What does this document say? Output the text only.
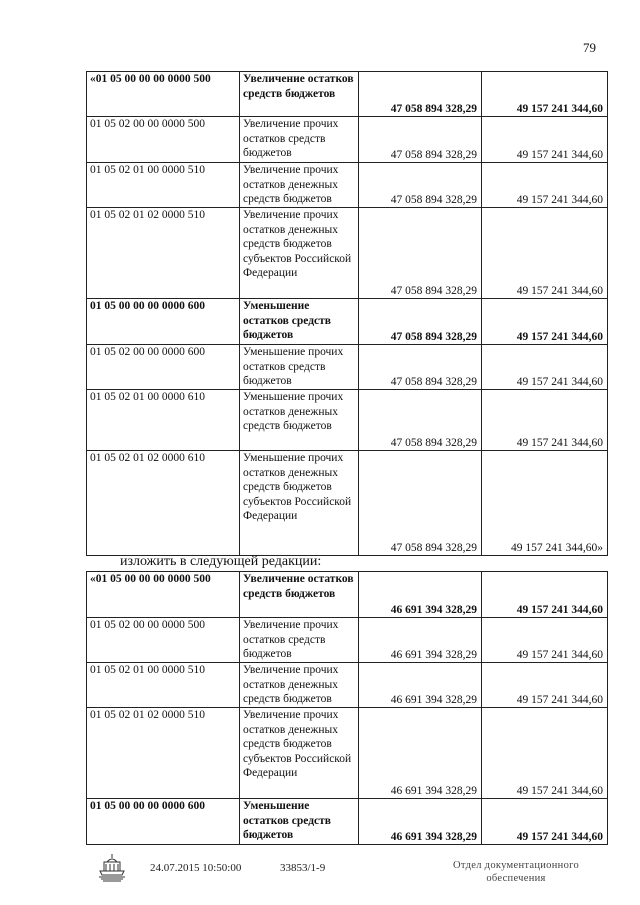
79
«01 05 00 00 00 0000 500	Увеличение остатков средств бюджетов	47 058 894 328,29	49 157 241 344,60
01 05 02 00 00 0000 500	Увеличение прочих остатков средств бюджетов	47 058 894 328,29	49 157 241 344,60
01 05 02 01 00 0000 510	Увеличение прочих остатков денежных средств бюджетов	47 058 894 328,29	49 157 241 344,60
01 05 02 01 02 0000 510	Увеличение прочих остатков денежных средств бюджетов субъектов Российской Федерации	47 058 894 328,29	49 157 241 344,60
01 05 00 00 00 0000 600	Уменьшение остатков средств бюджетов	47 058 894 328,29	49 157 241 344,60
01 05 02 00 00 0000 600	Уменьшение прочих остатков средств бюджетов	47 058 894 328,29	49 157 241 344,60
01 05 02 01 00 0000 610	Уменьшение прочих остатков денежных средств бюджетов	47 058 894 328,29	49 157 241 344,60
01 05 02 01 02 0000 610	Уменьшение прочих остатков денежных средств бюджетов субъектов Российской Федерации	47 058 894 328,29	49 157 241 344,60»
изложить в следующей редакции:
«01 05 00 00 00 0000 500	Увеличение остатков средств бюджетов	46 691 394 328,29	49 157 241 344,60
01 05 02 00 00 0000 500	Увеличение прочих остатков средств бюджетов	46 691 394 328,29	49 157 241 344,60
01 05 02 01 00 0000 510	Увеличение прочих остатков денежных средств бюджетов	46 691 394 328,29	49 157 241 344,60
01 05 02 01 02 0000 510	Увеличение прочих остатков денежных средств бюджетов субъектов Российской Федерации	46 691 394 328,29	49 157 241 344,60
01 05 00 00 00 0000 600	Уменьшение остатков средств бюджетов	46 691 394 328,29	49 157 241 344,60
24.07.2015 10:50:00	33853/1-9	Отдел документационного обеспечения
